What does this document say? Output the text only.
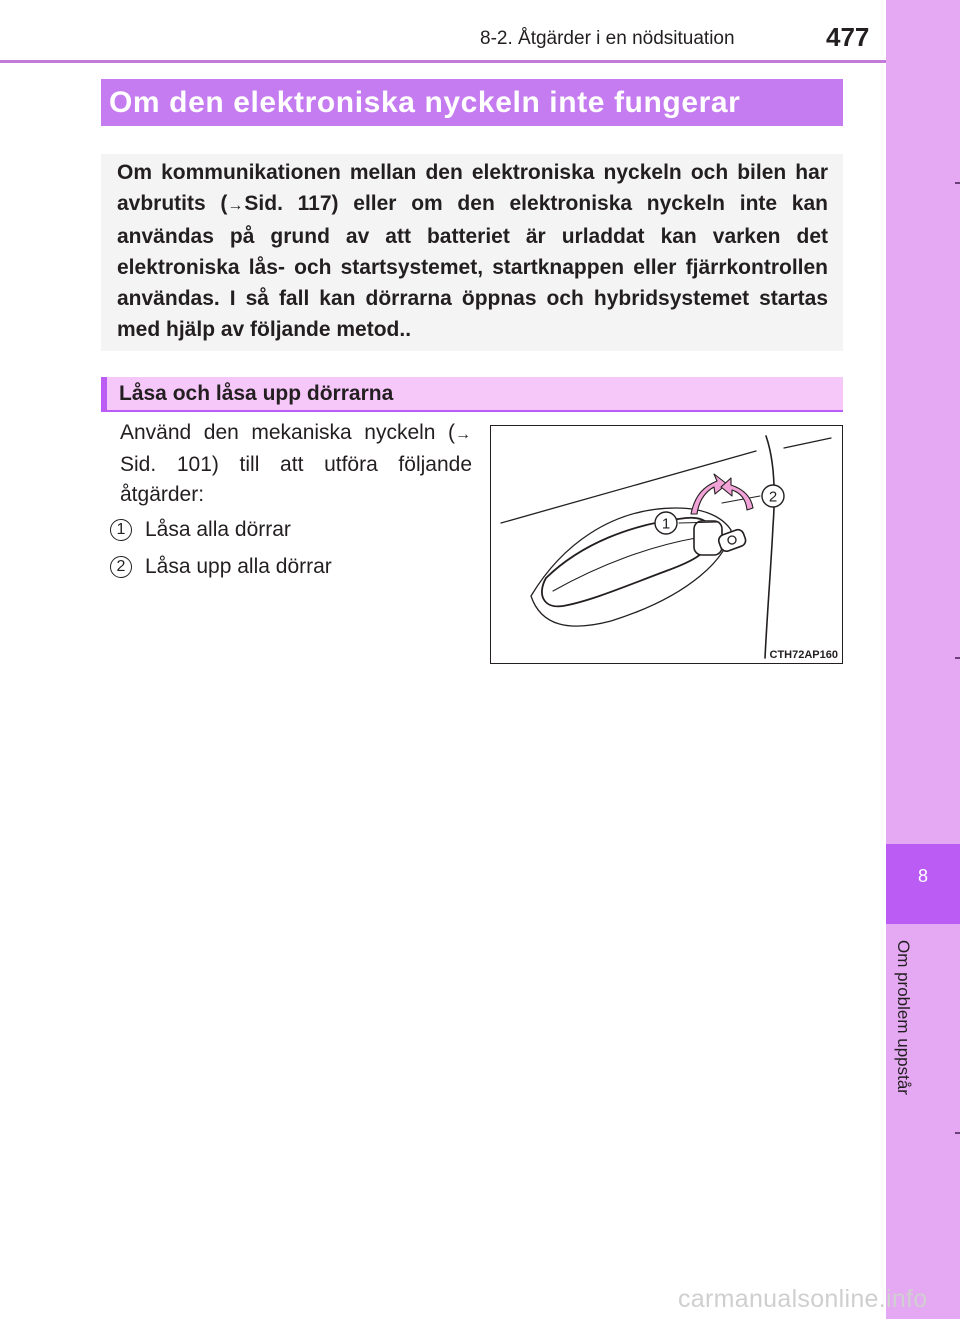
8-2. Åtgärder i en nödsituation	477
8
Om problem uppstår
Om den elektroniska nyckeln inte fungerar

Om kommunikationen mellan den elektroniska nyckeln och bilen har avbrutits (→Sid. 117) eller om den elektroniska nyckeln inte kan användas på grund av att batteriet är urladdat kan varken det elektroniska lås- och startsystemet, startknappen eller fjärrkontrollen användas. I så fall kan dörrarna öppnas och hybridsystemet startas med hjälp av följande metod..

Låsa och låsa upp dörrarna

Använd den mekaniska nyckeln (→Sid. 101) till att utföra följande åtgärder:

1 Låsa alla dörrar
2 Låsa upp alla dörrar
1
2
CTH72AP160
carmanualsonline.info
